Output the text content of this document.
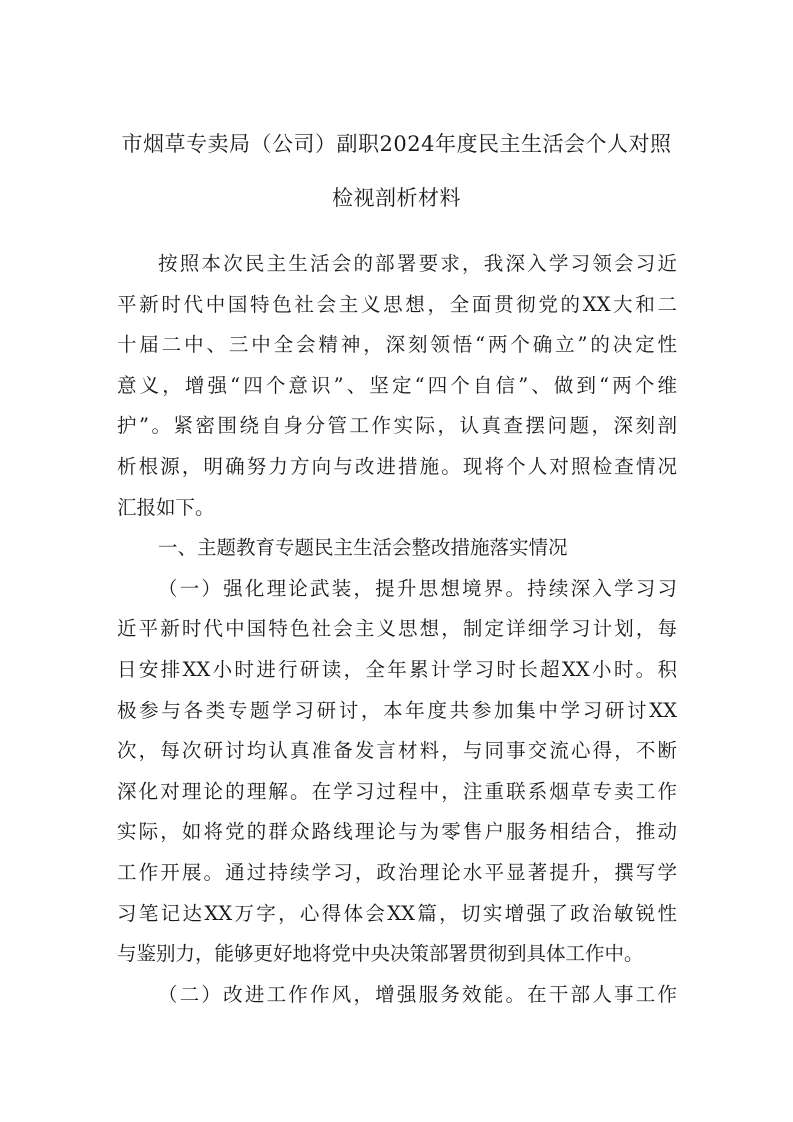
市烟草专卖局（公司）副职2024年度民主生活会个人对照
检视剖析材料
按照本次民主生活会的部署要求，我深入学习领会习近
平新时代中国特色社会主义思想，全面贯彻党的XX大和二
十届二中、三中全会精神，深刻领悟“两个确立”的决定性
意义，增强“四个意识”、坚定“四个自信”、做到“两个维
护”。紧密围绕自身分管工作实际，认真查摆问题，深刻剖
析根源，明确努力方向与改进措施。现将个人对照检查情况
汇报如下。
一、主题教育专题民主生活会整改措施落实情况
（一）强化理论武装，提升思想境界。持续深入学习习
近平新时代中国特色社会主义思想，制定详细学习计划，每
日安排XX小时进行研读，全年累计学习时长超XX小时。积
极参与各类专题学习研讨，本年度共参加集中学习研讨XX
次，每次研讨均认真准备发言材料，与同事交流心得，不断
深化对理论的理解。在学习过程中，注重联系烟草专卖工作
实际，如将党的群众路线理论与为零售户服务相结合，推动
工作开展。通过持续学习，政治理论水平显著提升，撰写学
习笔记达XX万字，心得体会XX篇，切实增强了政治敏锐性
与鉴别力，能够更好地将党中央决策部署贯彻到具体工作中。
（二）改进工作作风，增强服务效能。在干部人事工作
